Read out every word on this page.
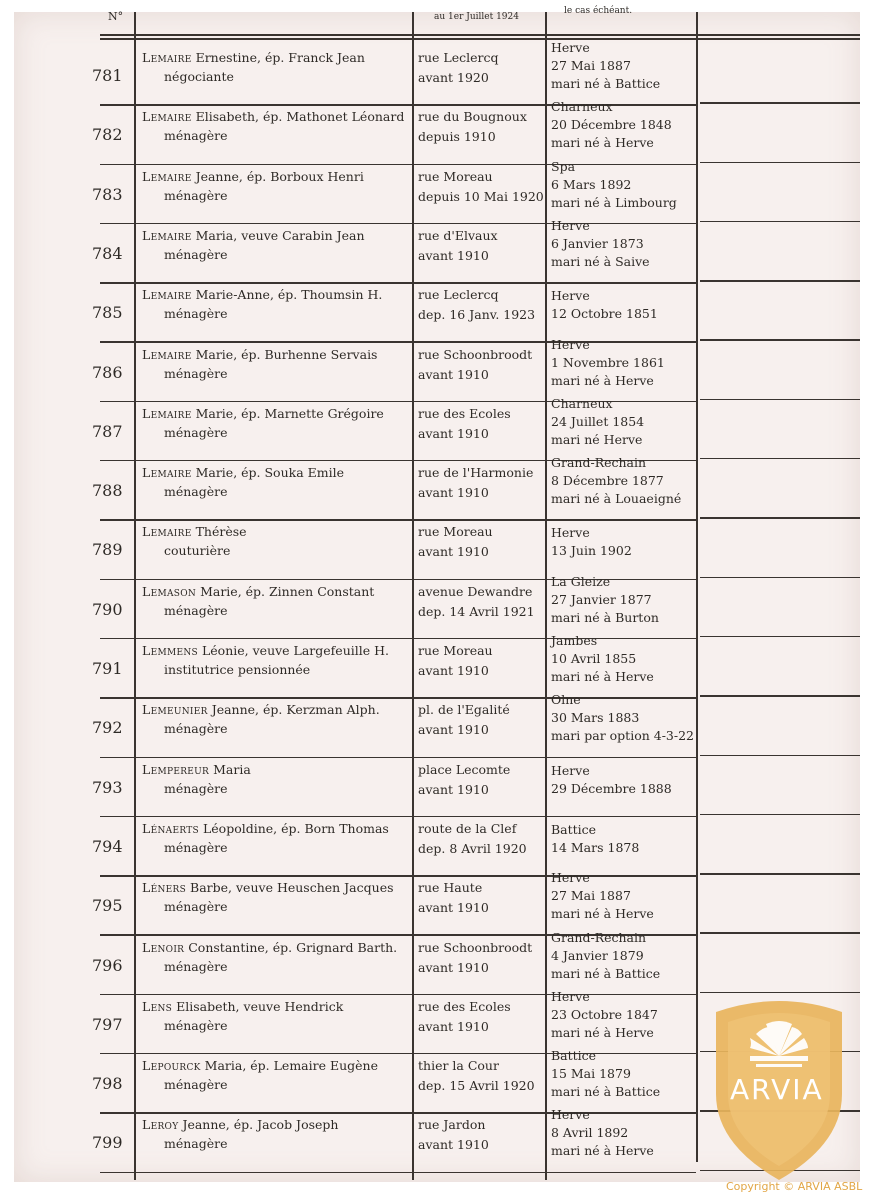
N°	au 1er Juillet 1924
le cas échéant.
781
Lemaire Ernestine, ép. Franck Jean
négociante
rue Leclercq
avant 1920
Herve
27 Mai 1887
mari né à Battice
782
Lemaire Elisabeth, ép. Mathonet Léonard
ménagère
rue du Bougnoux
depuis 1910
Charneux
20 Décembre 1848
mari né à Herve
783
Lemaire Jeanne, ép. Borboux Henri
ménagère
rue Moreau
depuis 10 Mai 1920
Spa
6 Mars 1892
mari né à Limbourg
784
Lemaire Maria, veuve Carabin Jean
ménagère
rue d'Elvaux
avant 1910
Herve
6 Janvier 1873
mari né à Saive
785
Lemaire Marie-Anne, ép. Thoumsin H.
ménagère
rue Leclercq
dep. 16 Janv. 1923
Herve
12 Octobre 1851
786
Lemaire Marie, ép. Burhenne Servais
ménagère
rue Schoonbroodt
avant 1910
Herve
1 Novembre 1861
mari né à Herve
787
Lemaire Marie, ép. Marnette Grégoire
ménagère
rue des Ecoles
avant 1910
Charneux
24 Juillet 1854
mari né Herve
788
Lemaire Marie, ép. Souka Emile
ménagère
rue de l'Harmonie
avant 1910
Grand-Rechain
8 Décembre 1877
mari né à Louaeigné
789
Lemaire Thérèse
couturière
rue Moreau
avant 1910
Herve
13 Juin 1902
790
Lemason Marie, ép. Zinnen Constant
ménagère
avenue Dewandre
dep. 14 Avril 1921
La Gleize
27 Janvier 1877
mari né à Burton
791
Lemmens Léonie, veuve Largefeuille H.
institutrice pensionnée
rue Moreau
avant 1910
Jambes
10 Avril 1855
mari né à Herve
792
Lemeunier Jeanne, ép. Kerzman Alph.
ménagère
pl. de l'Egalité
avant 1910
Olne
30 Mars 1883
mari par option 4-3-22
793
Lempereur Maria
ménagère
place Lecomte
avant 1910
Herve
29 Décembre 1888
794
Lénaerts Léopoldine, ép. Born Thomas
ménagère
route de la Clef
dep. 8 Avril 1920
Battice
14 Mars 1878
795
Léners Barbe, veuve Heuschen Jacques
ménagère
rue Haute
avant 1910
Herve
27 Mai 1887
mari né à Herve
796
Lenoir Constantine, ép. Grignard Barth.
ménagère
rue Schoonbroodt
avant 1910
Grand-Rechain
4 Janvier 1879
mari né à Battice
797
Lens Elisabeth, veuve Hendrick
ménagère
rue des Ecoles
avant 1910
Herve
23 Octobre 1847
mari né à Herve
798
Lepourck Maria, ép. Lemaire Eugène
ménagère
thier la Cour
dep. 15 Avril 1920
Battice
15 Mai 1879
mari né à Battice
799
Leroy Jeanne, ép. Jacob Joseph
ménagère
rue Jardon
avant 1910
Herve
8 Avril 1892
mari né à Herve
ARVIA
Copyright © ARVIA ASBL
